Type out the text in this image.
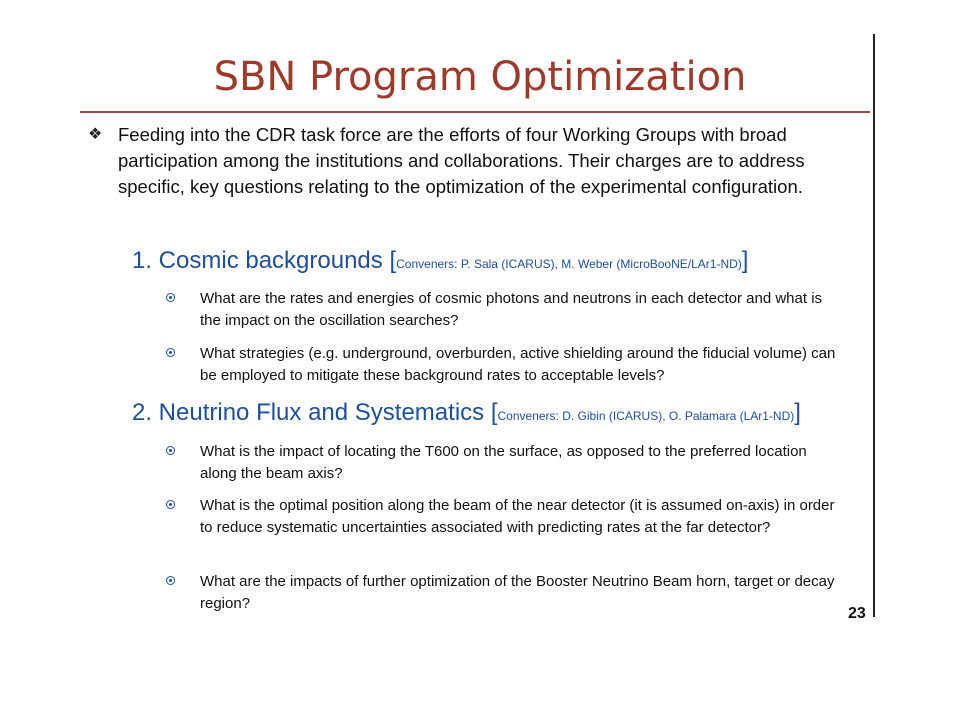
SBN Program Optimization
❖ Feeding into the CDR task force are the efforts of four Working Groups with broad participation among the institutions and collaborations. Their charges are to address specific, key questions relating to the optimization of the experimental configuration.
1. Cosmic backgrounds [Conveners: P. Sala (ICARUS), M. Weber (MicroBooNE/LAr1-ND)]
What are the rates and energies of cosmic photons and neutrons in each detector and what is the impact on the oscillation searches?
What strategies (e.g. underground, overburden, active shielding around the fiducial volume) can be employed to mitigate these background rates to acceptable levels?
2. Neutrino Flux and Systematics [Conveners: D. Gibin (ICARUS), O. Palamara (LAr1-ND)]
What is the impact of locating the T600 on the surface, as opposed to the preferred location along the beam axis?
What is the optimal position along the beam of the near detector (it is assumed on-axis) in order to reduce systematic uncertainties associated with predicting rates at the far detector?
What are the impacts of further optimization of the Booster Neutrino Beam horn, target or decay region?
23
